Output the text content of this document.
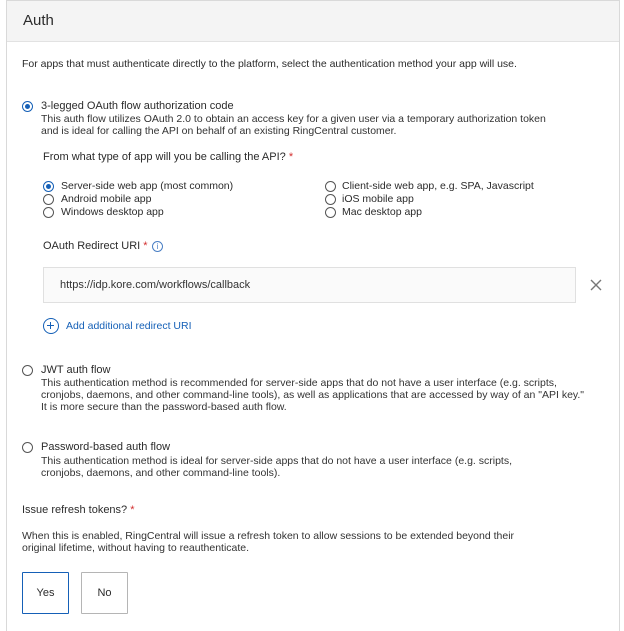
Auth
For apps that must authenticate directly to the platform, select the authentication method your app will use.
3-legged OAuth flow authorization code
This auth flow utilizes OAuth 2.0 to obtain an access key for a given user via a temporary authorization token
and is ideal for calling the API on behalf of an existing RingCentral customer.
From what type of app will you be calling the API? *
Server-side web app (most common)
Android mobile app
Windows desktop app
Client-side web app, e.g. SPA, Javascript
iOS mobile app
Mac desktop app
OAuth Redirect URI *	i
https://idp.kore.com/workflows/callback
Add additional redirect URI
JWT auth flow
This authentication method is recommended for server-side apps that do not have a user interface (e.g. scripts,
cronjobs, daemons, and other command-line tools), as well as applications that are accessed by way of an "API key."
It is more secure than the password-based auth flow.
Password-based auth flow
This authentication method is ideal for server-side apps that do not have a user interface (e.g. scripts,
cronjobs, daemons, and other command-line tools).
Issue refresh tokens? *
When this is enabled, RingCentral will issue a refresh token to allow sessions to be extended beyond their
original lifetime, without having to reauthenticate.
Yes	No
